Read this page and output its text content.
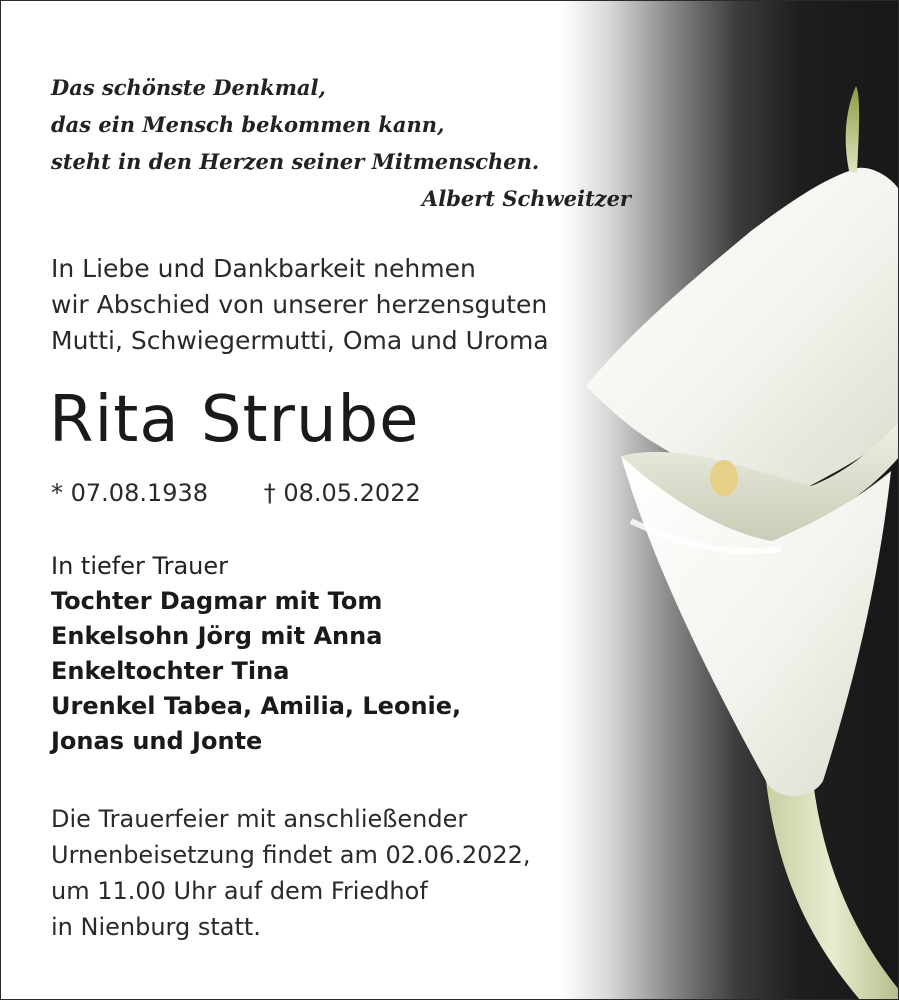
Das schönste Denkmal,
das ein Mensch bekommen kann,
steht in den Herzen seiner Mitmenschen.
Albert Schweitzer
In Liebe und Dankbarkeit nehmen
wir Abschied von unserer herzensguten
Mutti, Schwiegermutti, Oma und Uroma
Rita Strube
* 07.08.1938 † 08.05.2022
In tiefer Trauer
Tochter Dagmar mit Tom
Enkelsohn Jörg mit Anna
Enkeltochter Tina
Urenkel Tabea, Amilia, Leonie,
Jonas und Jonte
Die Trauerfeier mit anschließender
Urnenbeisetzung findet am 02.06.2022,
um 11.00 Uhr auf dem Friedhof
in Nienburg statt.
